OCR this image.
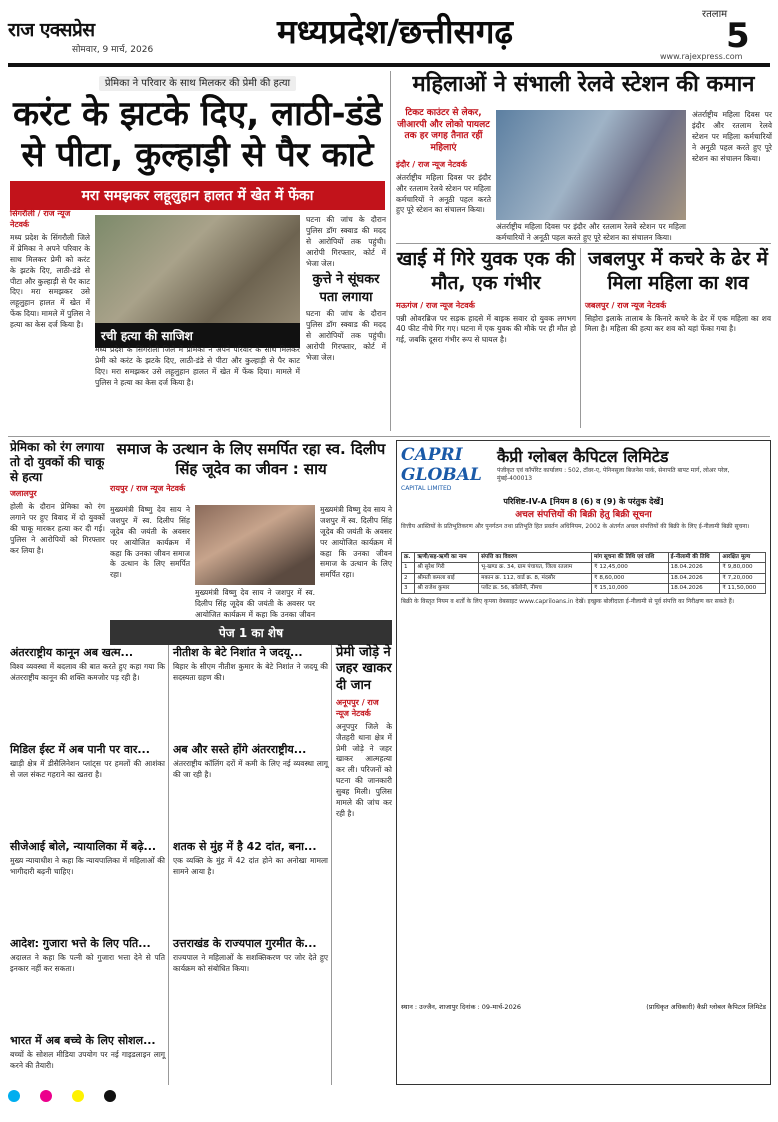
राज एक्सप्रेस
सोमवार, 9 मार्च, 2026	मध्यप्रदेश/छत्तीसगढ़	रतलाम
5
www.rajexpress.com
प्रेमिका ने परिवार के साथ मिलकर की प्रेमी की हत्या
करंट के झटके दिए, लाठी-डंडे से पीटा, कुल्हाड़ी से पैर काटे
मरा समझकर लहूलुहान हालत में खेत में फेंका
सिंगरौली / राज न्यूज नेटवर्क
मध्य प्रदेश के सिंगरौली जिले में प्रेमिका ने अपने परिवार के साथ मिलकर प्रेमी को करंट के झटके दिए, लाठी-डंडे से पीटा और कुल्हाड़ी से पैर काट दिए। मरा समझकर उसे लहूलुहान हालत में खेत में फेंक दिया। मामले में पुलिस ने हत्या का केस दर्ज किया है।
रची हत्या की साजिश
मध्य प्रदेश के सिंगरौली जिले में प्रेमिका ने अपने परिवार के साथ मिलकर प्रेमी को करंट के झटके दिए, लाठी-डंडे से पीटा और कुल्हाड़ी से पैर काट दिए। मरा समझकर उसे लहूलुहान हालत में खेत में फेंक दिया। मामले में पुलिस ने हत्या का केस दर्ज किया है।
घटना की जांच के दौरान पुलिस डॉग स्क्वाड की मदद से आरोपियों तक पहुंची। आरोपी गिरफ्तार, कोर्ट में भेजा जेल।
कुत्ते ने सूंघकर पता लगाया
घटना की जांच के दौरान पुलिस डॉग स्क्वाड की मदद से आरोपियों तक पहुंची। आरोपी गिरफ्तार, कोर्ट में भेजा जेल।
महिलाओं ने संभाली रेलवे स्टेशन की कमान
टिकट काउंटर से लेकर, जीआरपी और लोको पायलट तक हर जगह तैनात रहीं महिलाएं
इंदौर / राज न्यूज नेटवर्क
अंतर्राष्ट्रीय महिला दिवस पर इंदौर और रतलाम रेलवे स्टेशन पर महिला कर्मचारियों ने अनूठी पहल करते हुए पूरे स्टेशन का संचालन किया।
अंतर्राष्ट्रीय महिला दिवस पर इंदौर और रतलाम रेलवे स्टेशन पर महिला कर्मचारियों ने अनूठी पहल करते हुए पूरे स्टेशन का संचालन किया।
अंतर्राष्ट्रीय महिला दिवस पर इंदौर और रतलाम रेलवे स्टेशन पर महिला कर्मचारियों ने अनूठी पहल करते हुए पूरे स्टेशन का संचालन किया।
खाई में गिरे युवक एक की मौत, एक गंभीर
मऊगंज / राज न्यूज नेटवर्क
पन्नी ओवरब्रिज पर सड़क हादसे में बाइक सवार दो युवक लगभग 40 फीट नीचे गिर गए। घटना में एक युवक की मौके पर ही मौत हो गई, जबकि दूसरा गंभीर रूप से घायल है।
जबलपुर में कचरे के ढेर में मिला महिला का शव
जबलपुर / राज न्यूज नेटवर्क
सिहोरा इलाके तालाब के किनारे कचरे के ढेर में एक महिला का शव मिला है। महिला की हत्या कर शव को यहां फेंका गया है।
प्रेमिका को रंग लगाया तो दो युवकों की चाकू से हत्या
जलालपुर
होली के दौरान प्रेमिका को रंग लगाने पर हुए विवाद में दो युवकों की चाकू मारकर हत्या कर दी गई। पुलिस ने आरोपियों को गिरफ्तार कर लिया है।
समाज के उत्थान के लिए समर्पित रहा स्व. दिलीप सिंह जूदेव का जीवन : साय
रायपुर / राज न्यूज नेटवर्क
मुख्यमंत्री विष्णु देव साय ने जशपुर में स्व. दिलीप सिंह जूदेव की जयंती के अवसर पर आयोजित कार्यक्रम में कहा कि उनका जीवन समाज के उत्थान के लिए समर्पित रहा।
मुख्यमंत्री विष्णु देव साय ने जशपुर में स्व. दिलीप सिंह जूदेव की जयंती के अवसर पर आयोजित कार्यक्रम में कहा कि उनका जीवन समाज के उत्थान के लिए समर्पित रहा।
मुख्यमंत्री विष्णु देव साय ने जशपुर में स्व. दिलीप सिंह जूदेव की जयंती के अवसर पर आयोजित कार्यक्रम में कहा कि उनका जीवन
पेज 1 का शेष
अंतरराष्ट्रीय कानून अब खत्म...
विश्व व्यवस्था में बदलाव की बात करते हुए कहा गया कि अंतरराष्ट्रीय कानून की शक्ति कमजोर पड़ रही है।
मिडिल ईस्ट में अब पानी पर वार...
खाड़ी क्षेत्र में डीसैलिनेशन प्लांट्स पर हमलों की आशंका से जल संकट गहराने का खतरा है।
सीजेआई बोले, न्यायालिका में बढ़े...
मुख्य न्यायाधीश ने कहा कि न्यायपालिका में महिलाओं की भागीदारी बढ़नी चाहिए।
आदेश: गुजारा भत्ते के लिए पति...
अदालत ने कहा कि पत्नी को गुजारा भत्ता देने से पति इनकार नहीं कर सकता।
भारत में अब बच्चे के लिए सोशल...
बच्चों के सोशल मीडिया उपयोग पर नई गाइडलाइन लागू करने की तैयारी।
नीतीश के बेटे निशांत ने जदयू...
बिहार के सीएम नीतीश कुमार के बेटे निशांत ने जदयू की सदस्यता ग्रहण की।
अब और सस्ते होंगे अंतरराष्ट्रीय...
अंतरराष्ट्रीय कॉलिंग दरों में कमी के लिए नई व्यवस्था लागू की जा रही है।
शतक से मुंह में है 42 दांत, बना...
एक व्यक्ति के मुंह में 42 दांत होने का अनोखा मामला सामने आया है।
उत्तराखंड के राज्यपाल गुरमीत के...
राज्यपाल ने महिलाओं के सशक्तिकरण पर जोर देते हुए कार्यक्रम को संबोधित किया।
प्रेमी जोड़े ने जहर खाकर दी जान
अनूपपुर / राज न्यूज नेटवर्क
अनूपपुर जिले के जैतहरी थाना क्षेत्र में प्रेमी जोड़े ने जहर खाकर आत्महत्या कर ली। परिजनों को घटना की जानकारी सुबह मिली। पुलिस मामले की जांच कर रही है।
CAPRI GLOBAL
CAPITAL LIMITED
कैप्री ग्लोबल कैपिटल लिमिटेड
पंजीकृत एवं कॉर्पोरेट कार्यालय : 502, टॉवर-ए, पेनिनसुला बिजनेस पार्क, सेनापति बापट मार्ग, लोअर परेल, मुंबई-400013
परिशिष्ट-IV-A [नियम 8 (6) व (9) के परंतुक देखें]
अचल संपत्तियों की बिक्री हेतु बिक्री सूचना
वित्तीय आस्तियों के प्रतिभूतिकरण और पुनर्गठन तथा प्रतिभूति हित प्रवर्तन अधिनियम, 2002 के अंतर्गत अचल संपत्तियों की बिक्री के लिए ई-नीलामी बिक्री सूचना।
क्र.	ऋणी/सह-ऋणी का नाम	संपत्ति का विवरण	मांग सूचना की तिथि एवं राशि	ई-नीलामी की तिथि	आरक्षित मूल्य
1	श्री सुरेश गिरी	भू-खण्ड क्र. 34, ग्राम पंचायत, जिला रतलाम	₹ 12,45,000	18.04.2026	₹ 9,80,000
2	श्रीमती कमला बाई	मकान क्र. 112, वार्ड क्र. 8, मंदसौर	₹ 8,60,000	18.04.2026	₹ 7,20,000
3	श्री राजेश कुमार	प्लॉट क्र. 56, कॉलोनी, नीमच	₹ 15,10,000	18.04.2026	₹ 11,50,000
बिक्री के विस्तृत नियम व शर्तों के लिए कृपया वेबसाइट www.capriloans.in देखें। इच्छुक बोलीदाता ई-नीलामी से पूर्व संपत्ति का निरीक्षण कर सकते हैं।
स्थान : उज्जैन, शाजापुर दिनांक : 09-मार्च-2026	(प्राधिकृत अधिकारी) कैप्री ग्लोबल कैपिटल लिमिटेड
